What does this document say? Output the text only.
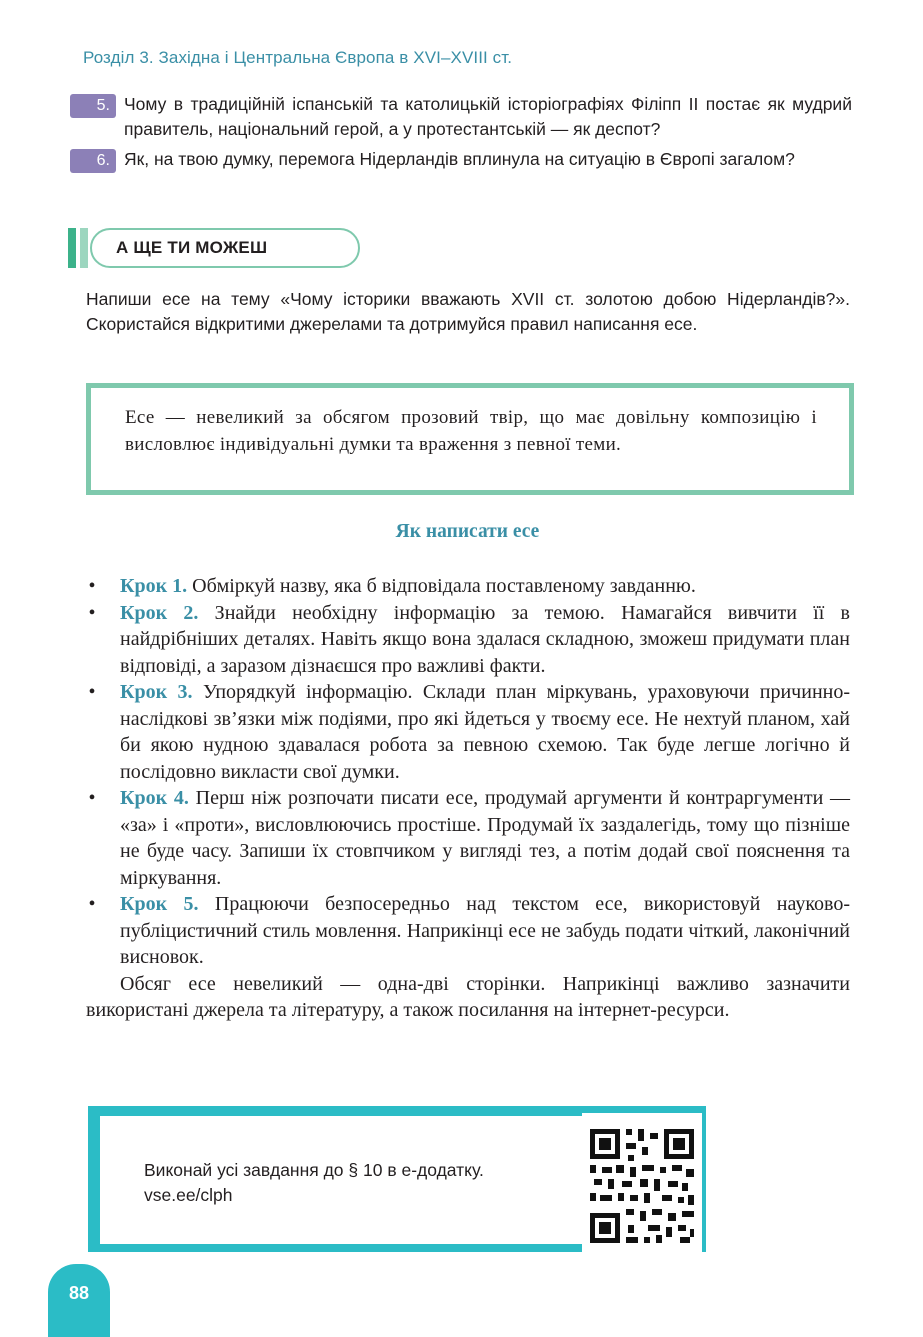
Розділ 3. Західна і Центральна Європа в XVI–XVIII ст.
5. Чому в традиційній іспанській та католицькій історіографіях Філіпп II постає як мудрий правитель, національний герой, а у протестантській — як деспот?
6. Як, на твою думку, перемога Нідерландів вплинула на ситуацію в Європі загалом?
А ЩЕ ТИ МОЖЕШ
Напиши есе на тему «Чому історики вважають XVII ст. золотою добою Нідерландів?». Скористайся відкритими джерелами та дотримуйся правил написання есе.
Есе — невеликий за обсягом прозовий твір, що має довільну композицію і висловлює індивідуальні думки та враження з певної теми.
Як написати есе
• Крок 1. Обміркуй назву, яка б відповідала поставленому завданню.
• Крок 2. Знайди необхідну інформацію за темою. Намагайся вивчити її в найдрібніших деталях. Навіть якщо вона здалася складною, зможеш придумати план відповіді, а заразом дізнаєшся про важливі факти.
• Крок 3. Упорядкуй інформацію. Склади план міркувань, ураховуючи причинно-наслідкові зв’язки між подіями, про які йдеться у твоєму есе. Не нехтуй планом, хай би якою нудною здавалася робота за певною схемою. Так буде легше логічно й послідовно викласти свої думки.
• Крок 4. Перш ніж розпочати писати есе, продумай аргументи й контраргументи — «за» і «проти», висловлюючись простіше. Продумай їх заздалегідь, тому що пізніше не буде часу. Запиши їх стовпчиком у вигляді тез, а потім додай свої пояснення та міркування.
• Крок 5. Працюючи безпосередньо над текстом есе, використовуй науково-публіцистичний стиль мовлення. Наприкінці есе не забудь подати чіткий, лаконічний висновок.
Обсяг есе невеликий — одна-дві сторінки. Наприкінці важливо зазначити використані джерела та літературу, а також посилання на інтернет-ресурси.
Виконай усі завдання до § 10 в е-додатку.
vse.ee/clph
88
